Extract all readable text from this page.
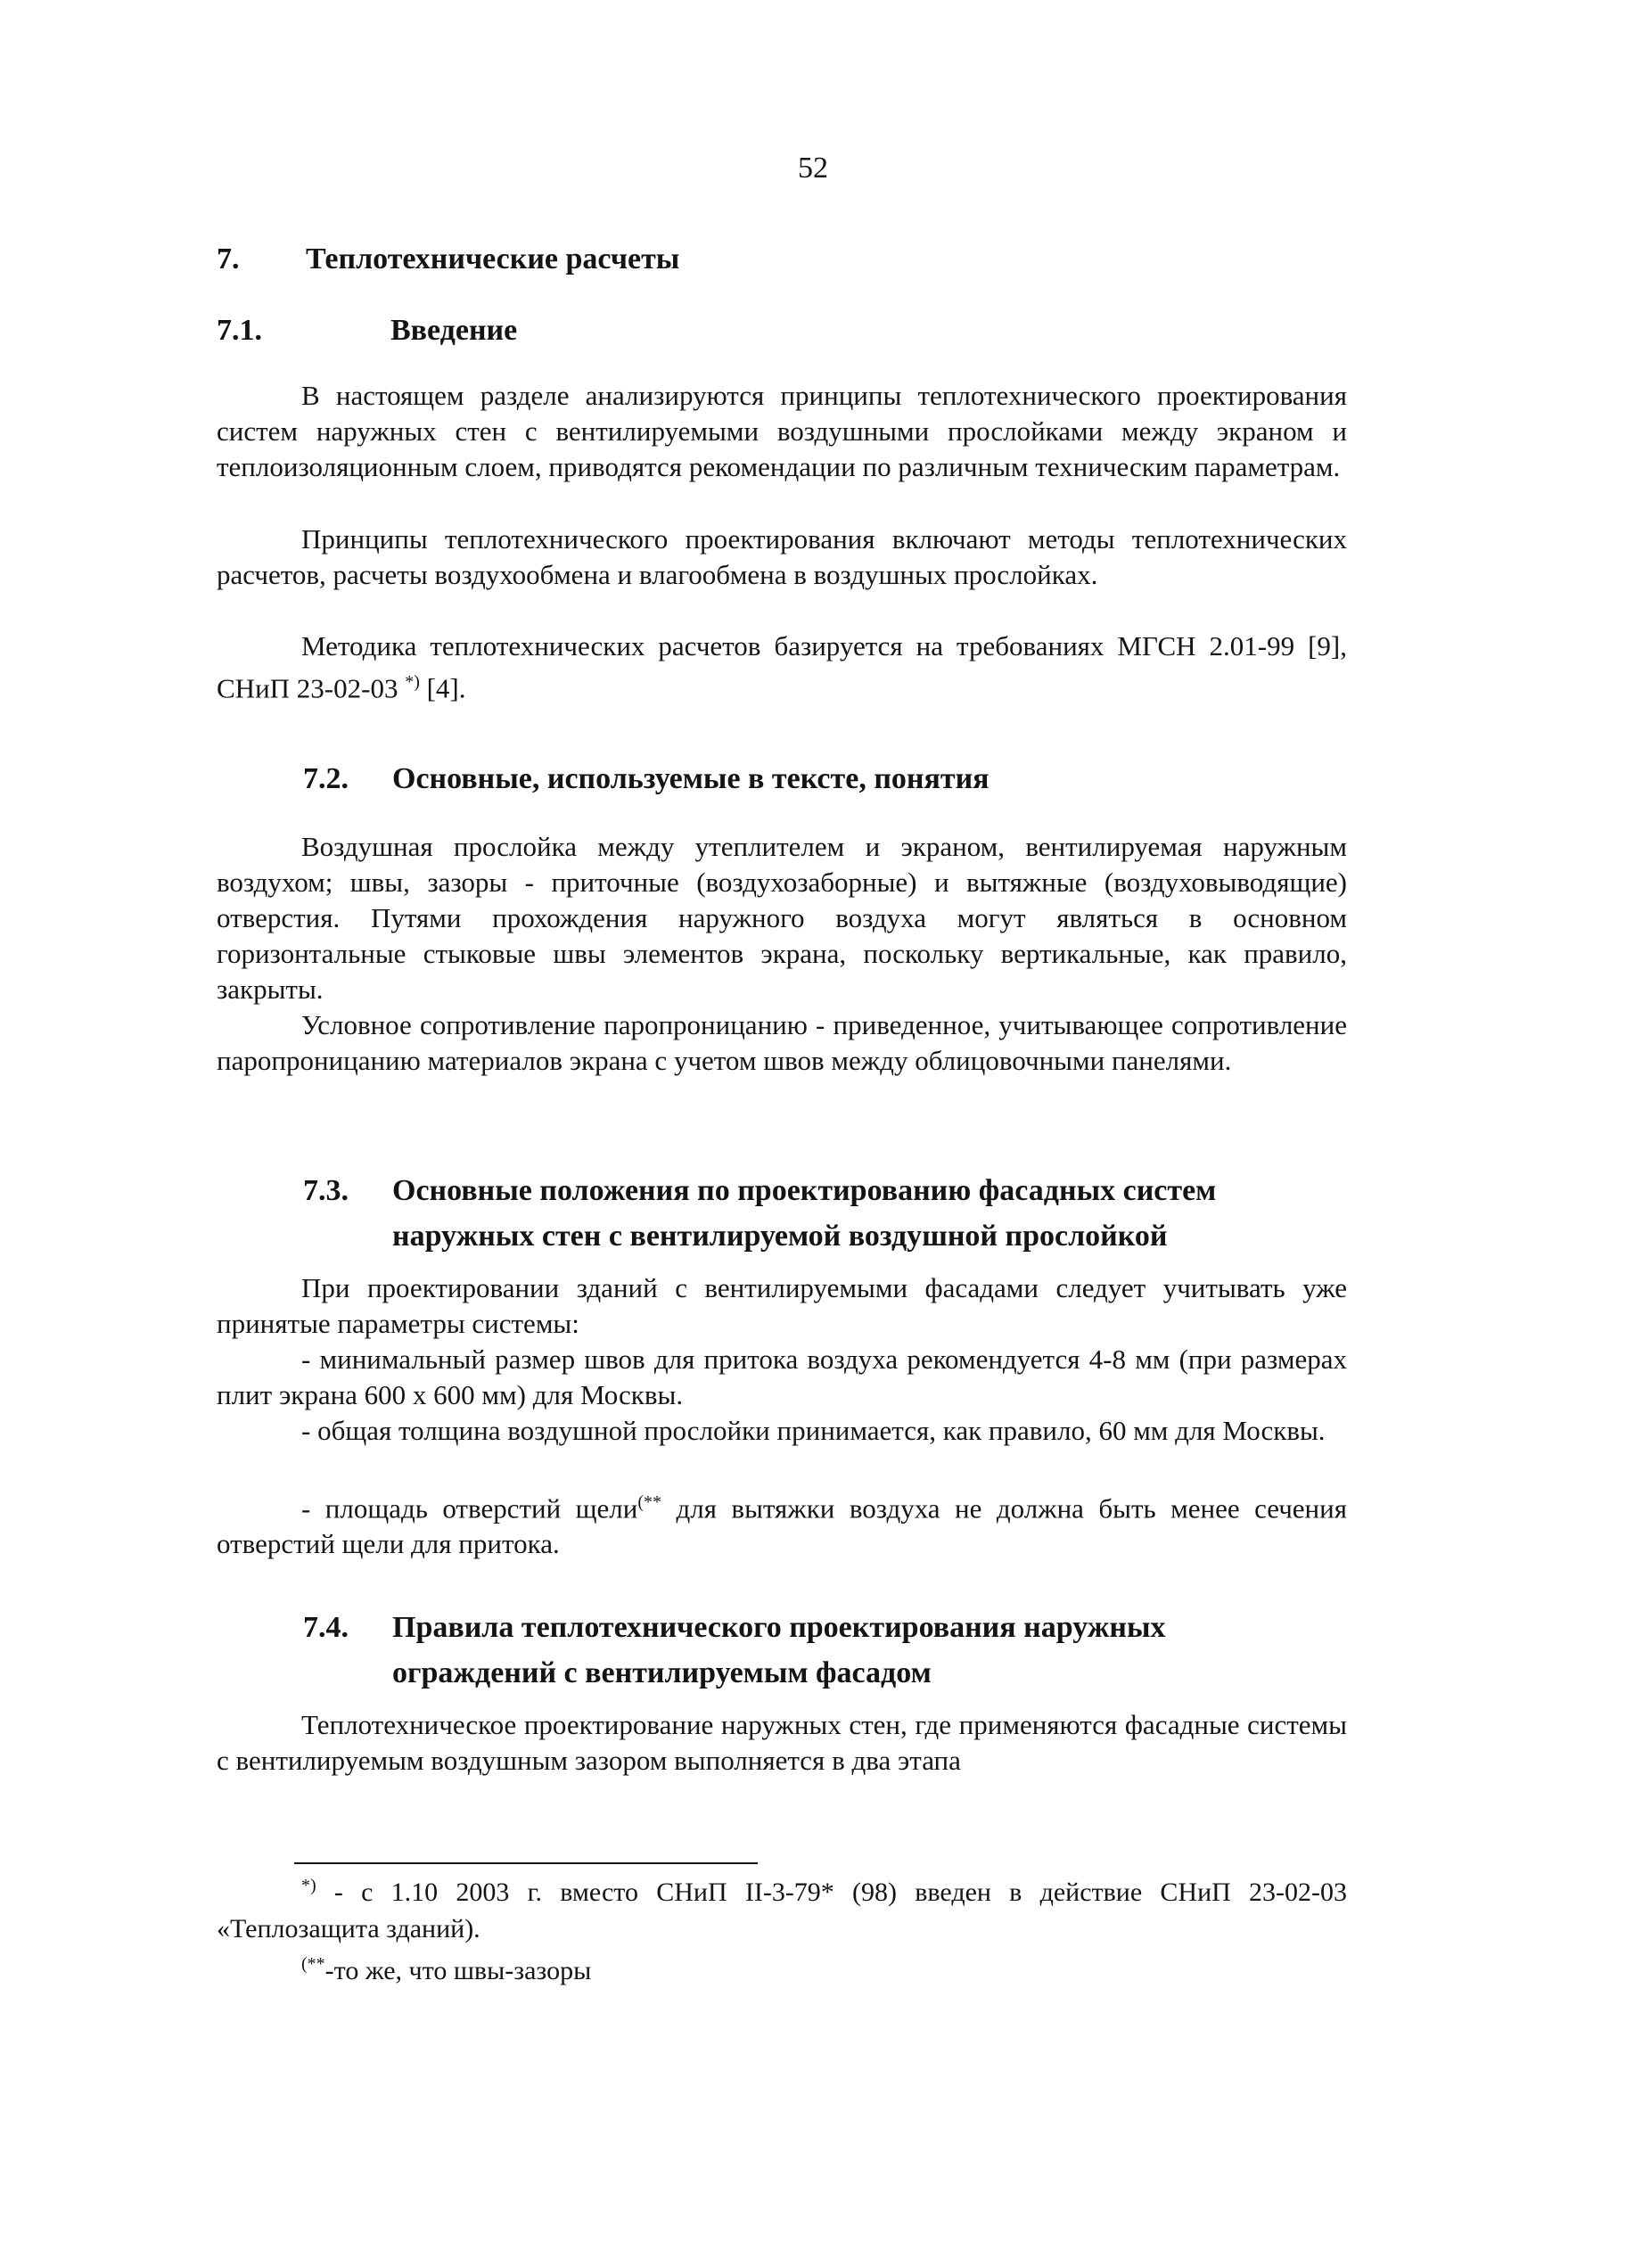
52
7. Теплотехнические расчеты
7.1.	Введение

В настоящем разделе анализируются принципы теплотехнического проектирования систем наружных стен с вентилируемыми воздушными прослойками между экраном и теплоизоляционным слоем, приводятся рекомендации по различным техническим параметрам.

Принципы теплотехнического проектирования включают методы теплотехнических расчетов, расчеты воздухообмена и влагообмена в воздушных прослойках.

Методика теплотехнических расчетов базируется на требованиях МГСН 2.01-99 [9], СНиП 23-02-03 *) [4].

7.2. Основные, используемые в тексте, понятия

Воздушная прослойка между утеплителем и экраном, вентилируемая наружным воздухом; швы, зазоры - приточные (воздухозаборные) и вытяжные (воздуховыводящие) отверстия. Путями прохождения наружного воздуха могут являться в основном горизонтальные стыковые швы элементов экрана, поскольку вертикальные, как правило, закрыты.

Условное сопротивление паропроницанию - приведенное, учитывающее сопротивление паропроницанию материалов экрана с учетом швов между облицовочными панелями.

7.3. Основные положения по проектированию фасадных систем
наружных стен с вентилируемой воздушной прослойкой

При проектировании зданий с вентилируемыми фасадами следует учитывать уже принятые параметры системы:

- минимальный размер швов для притока воздуха рекомендуется 4-8 мм (при размерах плит экрана 600 x 600 мм) для Москвы.

- общая толщина воздушной прослойки принимается, как правило, 60 мм для Москвы.

- площадь отверстий щели(** для вытяжки воздуха не должна быть менее сечения отверстий щели для притока.

7.4. Правила теплотехнического проектирования наружных
ограждений с вентилируемым фасадом

Теплотехническое проектирование наружных стен, где применяются фасадные системы с вентилируемым воздушным зазором выполняется в два этапа

*) - с 1.10 2003 г. вместо СНиП II-3-79* (98) введен в действие СНиП 23-02-03 «Теплозащита зданий).

(**-то же, что швы-зазоры
